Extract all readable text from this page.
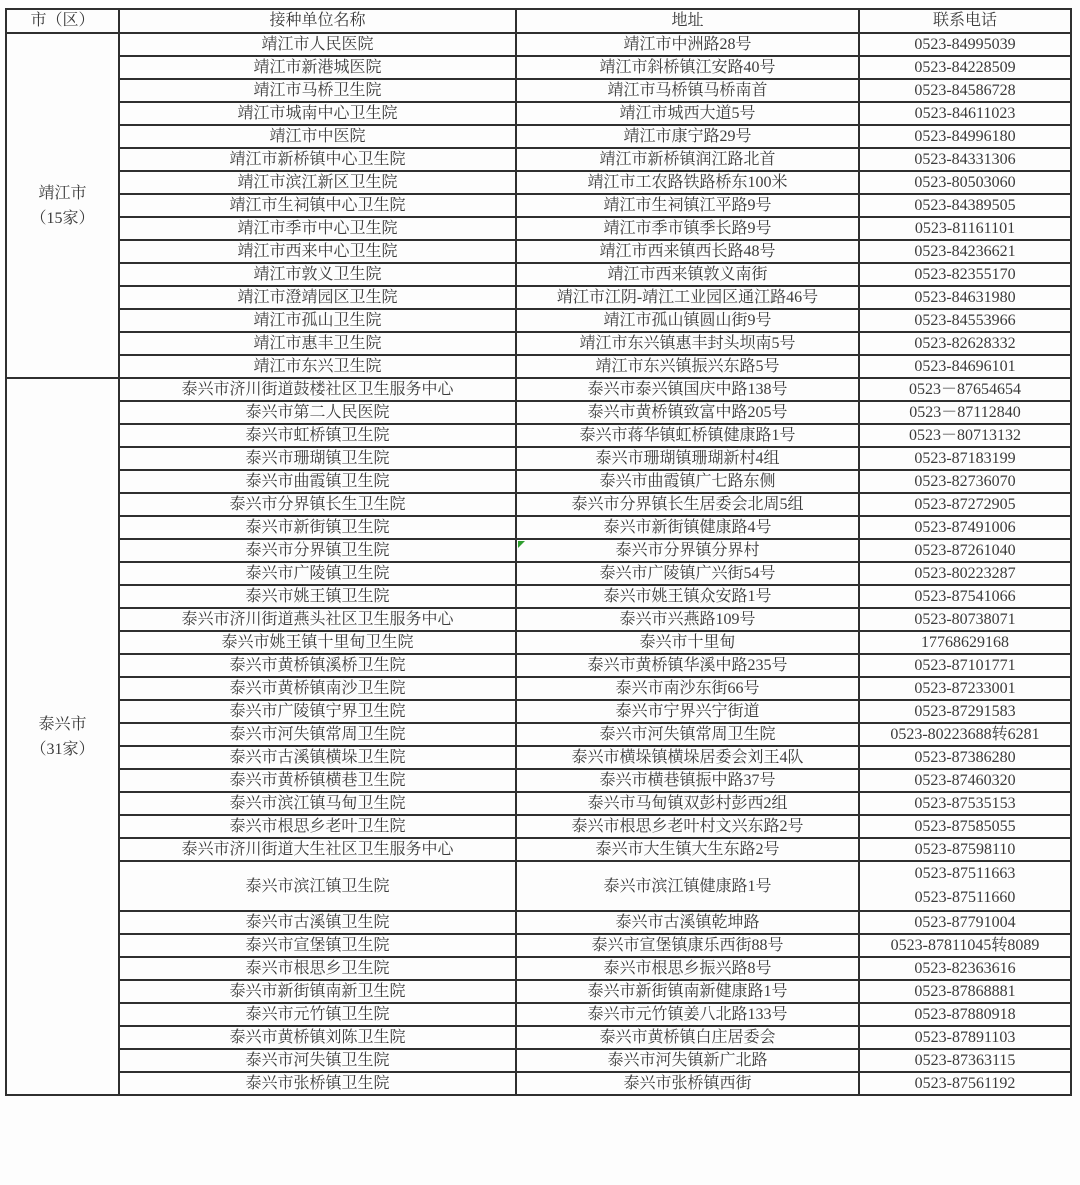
市（区）	接种单位名称	地址	联系电话

靖江市
（15家）	靖江市人民医院	靖江市中洲路28号	0523-84995039
	靖江市新港城医院	靖江市斜桥镇江安路40号	0523-84228509
	靖江市马桥卫生院	靖江市马桥镇马桥南首	0523-84586728
	靖江市城南中心卫生院	靖江市城西大道5号	0523-84611023
	靖江市中医院	靖江市康宁路29号	0523-84996180
	靖江市新桥镇中心卫生院	靖江市新桥镇润江路北首	0523-84331306
	靖江市滨江新区卫生院	靖江市工农路铁路桥东100米	0523-80503060
	靖江市生祠镇中心卫生院	靖江市生祠镇江平路9号	0523-84389505
	靖江市季市中心卫生院	靖江市季市镇季长路9号	0523-81161101
	靖江市西来中心卫生院	靖江市西来镇西长路48号	0523-84236621
	靖江市敦义卫生院	靖江市西来镇敦义南街	0523-82355170
	靖江市澄靖园区卫生院	靖江市江阴-靖江工业园区通江路46号	0523-84631980
	靖江市孤山卫生院	靖江市孤山镇圆山街9号	0523-84553966
	靖江市惠丰卫生院	靖江市东兴镇惠丰封头坝南5号	0523-82628332
	靖江市东兴卫生院	靖江市东兴镇振兴东路5号	0523-84696101

泰兴市
（31家）	泰兴市济川街道鼓楼社区卫生服务中心	泰兴市泰兴镇国庆中路138号	0523－87654654
	泰兴市第二人民医院	泰兴市黄桥镇致富中路205号	0523－87112840
	泰兴市虹桥镇卫生院	泰兴市蒋华镇虹桥镇健康路1号	0523－80713132
	泰兴市珊瑚镇卫生院	泰兴市珊瑚镇珊瑚新村4组	0523-87183199
	泰兴市曲霞镇卫生院	泰兴市曲霞镇广七路东侧	0523-82736070
	泰兴市分界镇长生卫生院	泰兴市分界镇长生居委会北周5组	0523-87272905
	泰兴市新街镇卫生院	泰兴市新街镇健康路4号	0523-87491006
	泰兴市分界镇卫生院	泰兴市分界镇分界村	0523-87261040
	泰兴市广陵镇卫生院	泰兴市广陵镇广兴街54号	0523-80223287
	泰兴市姚王镇卫生院	泰兴市姚王镇众安路1号	0523-87541066
	泰兴市济川街道燕头社区卫生服务中心	泰兴市兴燕路109号	0523-80738071
	泰兴市姚王镇十里甸卫生院	泰兴市十里甸	17768629168
	泰兴市黄桥镇溪桥卫生院	泰兴市黄桥镇华溪中路235号	0523-87101771
	泰兴市黄桥镇南沙卫生院	泰兴市南沙东街66号	0523-87233001
	泰兴市广陵镇宁界卫生院	泰兴市宁界兴宁街道	0523-87291583
	泰兴市河失镇常周卫生院	泰兴市河失镇常周卫生院	0523-80223688转6281
	泰兴市古溪镇横垛卫生院	泰兴市横垛镇横垛居委会刘王4队	0523-87386280
	泰兴市黄桥镇横巷卫生院	泰兴市横巷镇振中路37号	0523-87460320
	泰兴市滨江镇马甸卫生院	泰兴市马甸镇双彭村彭西2组	0523-87535153
	泰兴市根思乡老叶卫生院	泰兴市根思乡老叶村文兴东路2号	0523-87585055
	泰兴市济川街道大生社区卫生服务中心	泰兴市大生镇大生东路2号	0523-87598110
	泰兴市滨江镇卫生院	泰兴市滨江镇健康路1号	0523-87511663
0523-87511660

	泰兴市古溪镇卫生院	泰兴市古溪镇乾坤路	0523-87791004
	泰兴市宣堡镇卫生院	泰兴市宣堡镇康乐西街88号	0523-87811045转8089
	泰兴市根思乡卫生院	泰兴市根思乡振兴路8号	0523-82363616
	泰兴市新街镇南新卫生院	泰兴市新街镇南新健康路1号	0523-87868881
	泰兴市元竹镇卫生院	泰兴市元竹镇姜八北路133号	0523-87880918
	泰兴市黄桥镇刘陈卫生院	泰兴市黄桥镇白庄居委会	0523-87891103
	泰兴市河失镇卫生院	泰兴市河失镇新广北路	0523-87363115
	泰兴市张桥镇卫生院	泰兴市张桥镇西街	0523-87561192
